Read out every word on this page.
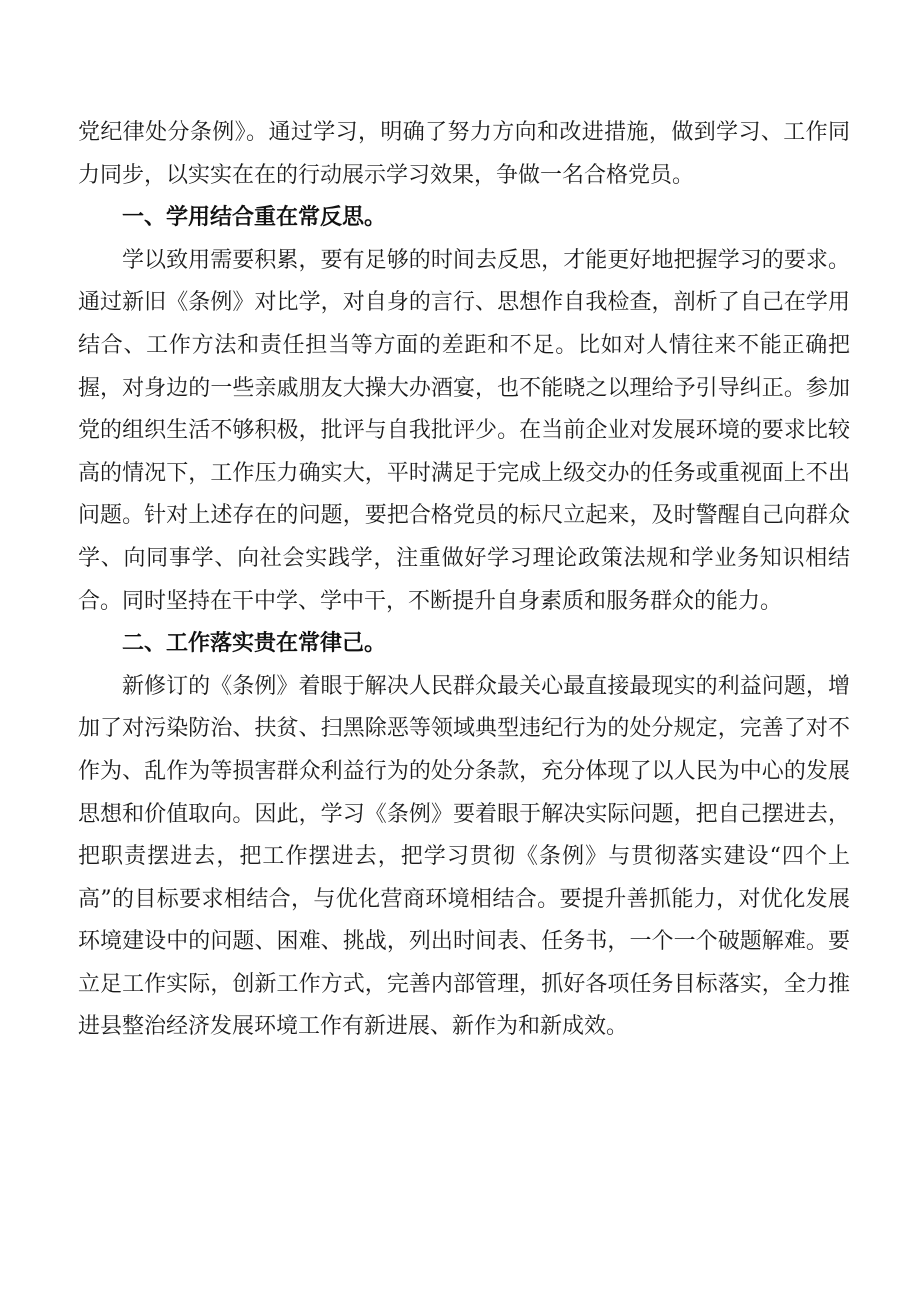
党纪律处分条例》。通过学习，明确了努力方向和改进措施，做到学习、工作同力同步，以实实在在的行动展示学习效果，争做一名合格党员。

一、学用结合重在常反思。

学以致用需要积累，要有足够的时间去反思，才能更好地把握学习的要求。通过新旧《条例》对比学，对自身的言行、思想作自我检查，剖析了自己在学用结合、工作方法和责任担当等方面的差距和不足。比如对人情往来不能正确把握，对身边的一些亲戚朋友大操大办酒宴，也不能晓之以理给予引导纠正。参加党的组织生活不够积极，批评与自我批评少。在当前企业对发展环境的要求比较高的情况下，工作压力确实大，平时满足于完成上级交办的任务或重视面上不出问题。针对上述存在的问题，要把合格党员的标尺立起来，及时警醒自己向群众学、向同事学、向社会实践学，注重做好学习理论政策法规和学业务知识相结合。同时坚持在干中学、学中干，不断提升自身素质和服务群众的能力。

二、工作落实贵在常律己。

新修订的《条例》着眼于解决人民群众最关心最直接最现实的利益问题，增加了对污染防治、扶贫、扫黑除恶等领域典型违纪行为的处分规定，完善了对不作为、乱作为等损害群众利益行为的处分条款，充分体现了以人民为中心的发展思想和价值取向。因此，学习《条例》要着眼于解决实际问题，把自己摆进去，把职责摆进去，把工作摆进去，把学习贯彻《条例》与贯彻落实建设“四个上高”的目标要求相结合，与优化营商环境相结合。要提升善抓能力，对优化发展环境建设中的问题、困难、挑战，列出时间表、任务书，一个一个破题解难。要立足工作实际，创新工作方式，完善内部管理，抓好各项任务目标落实，全力推进县整治经济发展环境工作有新进展、新作为和新成效。
